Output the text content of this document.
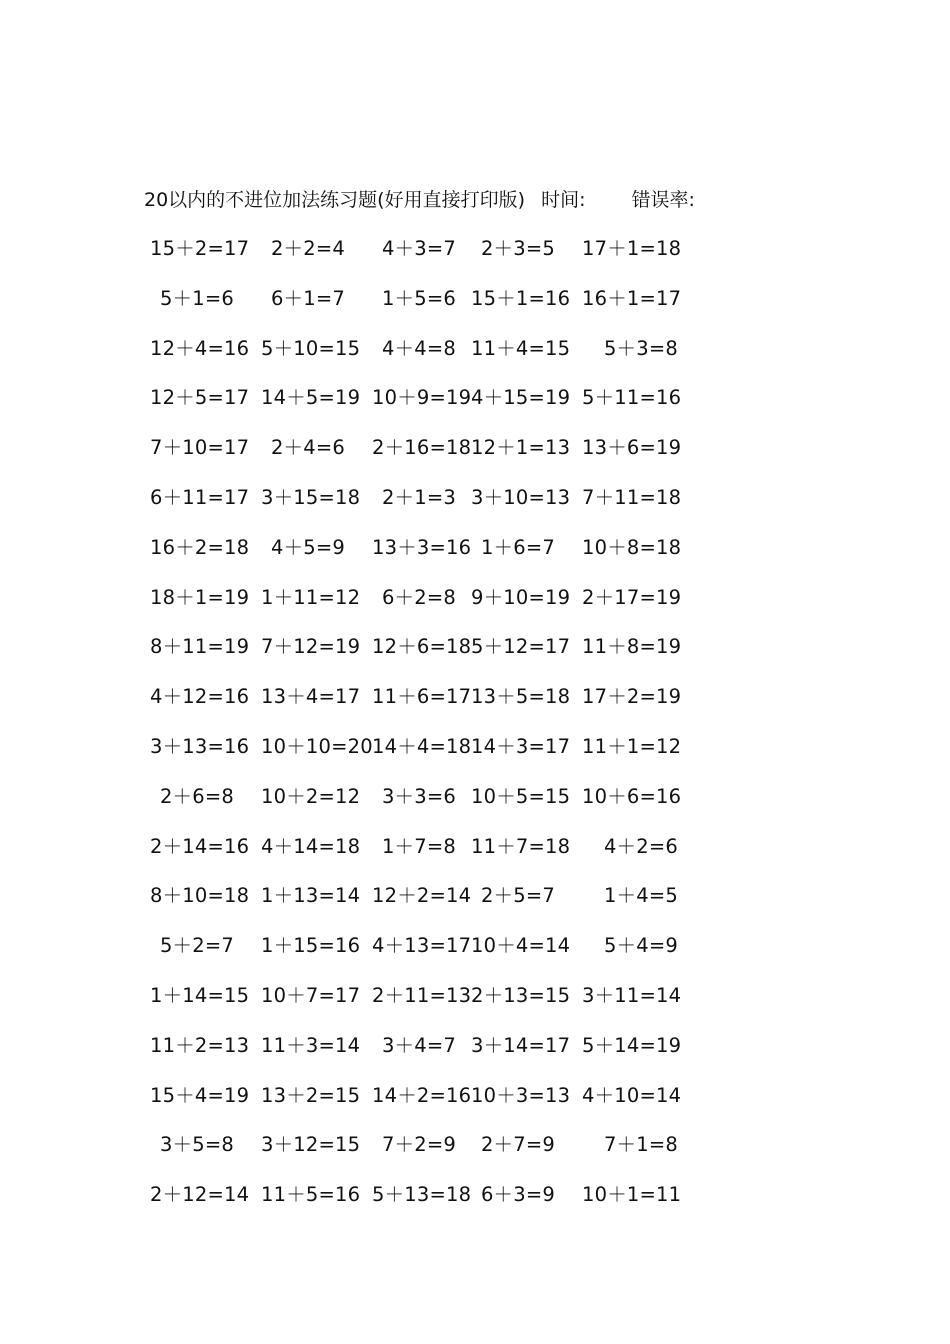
20以内的不进位加法练习题(好用直接打印版) 时间: 错误率:
15＋2=17 2＋2=4 4＋3=7 2＋3=5 17＋1=18
5＋1=6 6＋1=7 1＋5=6 15＋1=16 16＋1=17
12＋4=16 5＋10=15 4＋4=8 11＋4=15 5＋3=8
12＋5=17 14＋5=19 10＋9=19 4＋15=19 5＋11=16
7＋10=17 2＋4=6 2＋16=18 12＋1=13 13＋6=19
6＋11=17 3＋15=18 2＋1=3 3＋10=13 7＋11=18
16＋2=18 4＋5=9 13＋3=16 1＋6=7 10＋8=18
18＋1=19 1＋11=12 6＋2=8 9＋10=19 2＋17=19
8＋11=19 7＋12=19 12＋6=18 5＋12=17 11＋8=19
4＋12=16 13＋4=17 11＋6=17 13＋5=18 17＋2=19
3＋13=16 10＋10=20 14＋4=18 14＋3=17 11＋1=12
2＋6=8 10＋2=12 3＋3=6 10＋5=15 10＋6=16
2＋14=16 4＋14=18 1＋7=8 11＋7=18 4＋2=6
8＋10=18 1＋13=14 12＋2=14 2＋5=7	1＋4=5
5＋2=7 1＋15=16 4＋13=17 10＋4=14 5＋4=9
1＋14=15 10＋7=17 2＋11=13 2＋13=15 3＋11=14
11＋2=13 11＋3=14 3＋4=7 3＋14=17 5＋14=19
15＋4=19 13＋2=15 14＋2=16 10＋3=13 4＋10=14
3＋5=8 3＋12=15 7＋2=9 2＋7=9	7＋1=8
2＋12=14 11＋5=16 5＋13=18 6＋3=9 10＋1=11
